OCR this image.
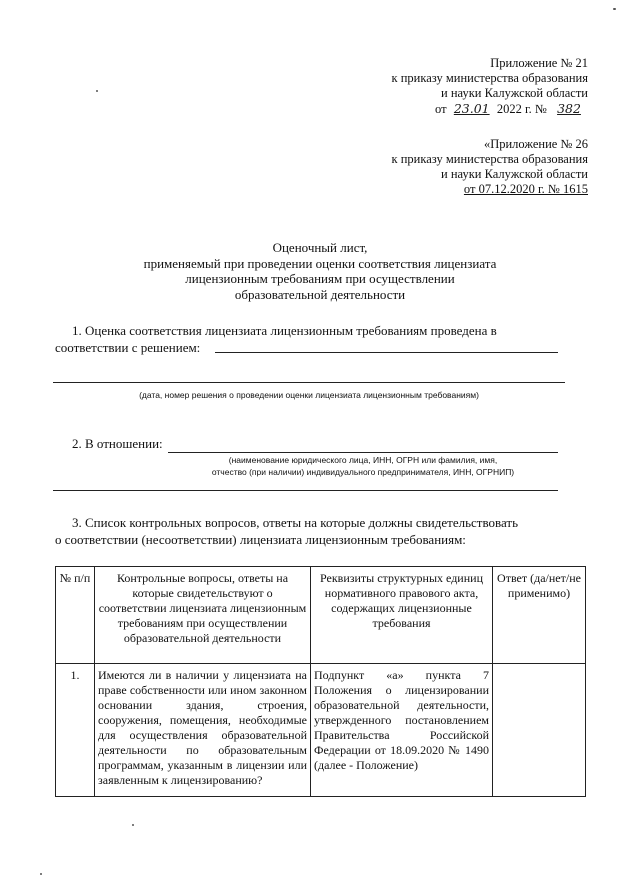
Приложение № 21
к приказу министерства образования
и науки Калужской области
от 23.01 2022 г. № 382
«Приложение № 26
к приказу министерства образования
и науки Калужской области
от 07.12.2020 г. № 1615
Оценочный лист,
применяемый при проведении оценки соответствия лицензиата
лицензионным требованиям при осуществлении
образовательной деятельности
1. Оценка соответствия лицензиата лицензионным требованиям проведена в
соответствии с решением:
(дата, номер решения о проведении оценки лицензиата лицензионным требованиям)
2. В отношении:
(наименование юридического лица, ИНН, ОГРН или фамилия, имя,
отчество (при наличии) индивидуального предпринимателя, ИНН, ОГРНИП)
3. Список контрольных вопросов, ответы на которые должны свидетельствовать
о соответствии (несоответствии) лицензиата лицензионным требованиям:
№ п/п	Контрольные вопросы, ответы на которые свидетельствуют о соответствии лицензиата лицензионным требованиям при осуществлении образовательной деятельности	Реквизиты структурных единиц нормативного правового акта, содержащих лицензионные требования	Ответ (да/нет/не применимо)
1.	Имеются ли в наличии у лицензиата на праве собственности или ином законном основании здания, строения, сооружения, помещения, необходимые для осуществления образовательной деятельности по образовательным программам, указанным в лицензии или заявленным к лицензированию?	Подпункт «а» пункта 7 Положения о лицензировании образовательной деятельности, утвержденного постановлением Правительства Российской Федерации от 18.09.2020 № 1490 (далее - Положение)	
